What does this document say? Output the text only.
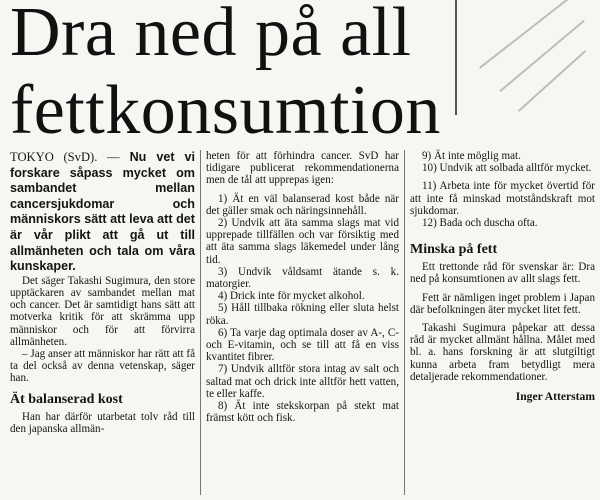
Dra ned på all
fettkonsumtion

TOKYO (SvD). — Nu vet vi forskare såpass mycket om sambandet mellan cancersjukdomar och människors sätt att leva att det är vår plikt att gå ut till allmänheten och tala om våra kunskaper.

Det säger Takashi Sugimura, den store upptäckaren av sambandet mellan mat och cancer. Det är samtidigt hans sätt att motverka kritik för att skrämma upp människor och för att förvirra allmänheten.

– Jag anser att människor har rätt att få ta del också av denna vetenskap, säger han.

Ät balanserad kost

Han har därför utarbetat tolv råd till den japanska allmän-

heten för att förhindra cancer. SvD har tidigare publicerat rekommendationerna men de tål att upprepas igen:

1) Ät en väl balanserad kost både när det gäller smak och näringsinnehåll.

2) Undvik att äta samma slags mat vid upprepade tillfällen och var försiktig med att äta samma slags läkemedel under lång tid.

3) Undvik våldsamt ätande s. k. matorgier.

4) Drick inte för mycket alkohol.

5) Håll tillbaka rökning eller sluta helst röka.

6) Ta varje dag optimala doser av A-, C- och E-vitamin, och se till att få en viss kvantitet fibrer.

7) Undvik alltför stora intag av salt och saltad mat och drick inte alltför hett vatten, te eller kaffe.

8) Ät inte stekskorpan på stekt mat främst kött och fisk.

9) Ät inte möglig mat.

10) Undvik att solbada alltför mycket.

11) Arbeta inte för mycket övertid för att inte få minskad motståndskraft mot sjukdomar.

12) Bada och duscha ofta.

Minska på fett

Ett trettonde råd för svenskar är: Dra ned på konsumtionen av allt slags fett.

Fett är nämligen inget problem i Japan där befolkningen äter mycket litet fett.

Takashi Sugimura påpekar att dessa råd är mycket allmänt hållna. Målet med bl. a. hans forskning är att slutgiltigt kunna arbeta fram betydligt mera detaljerade rekommendationer.

Inger Atterstam
